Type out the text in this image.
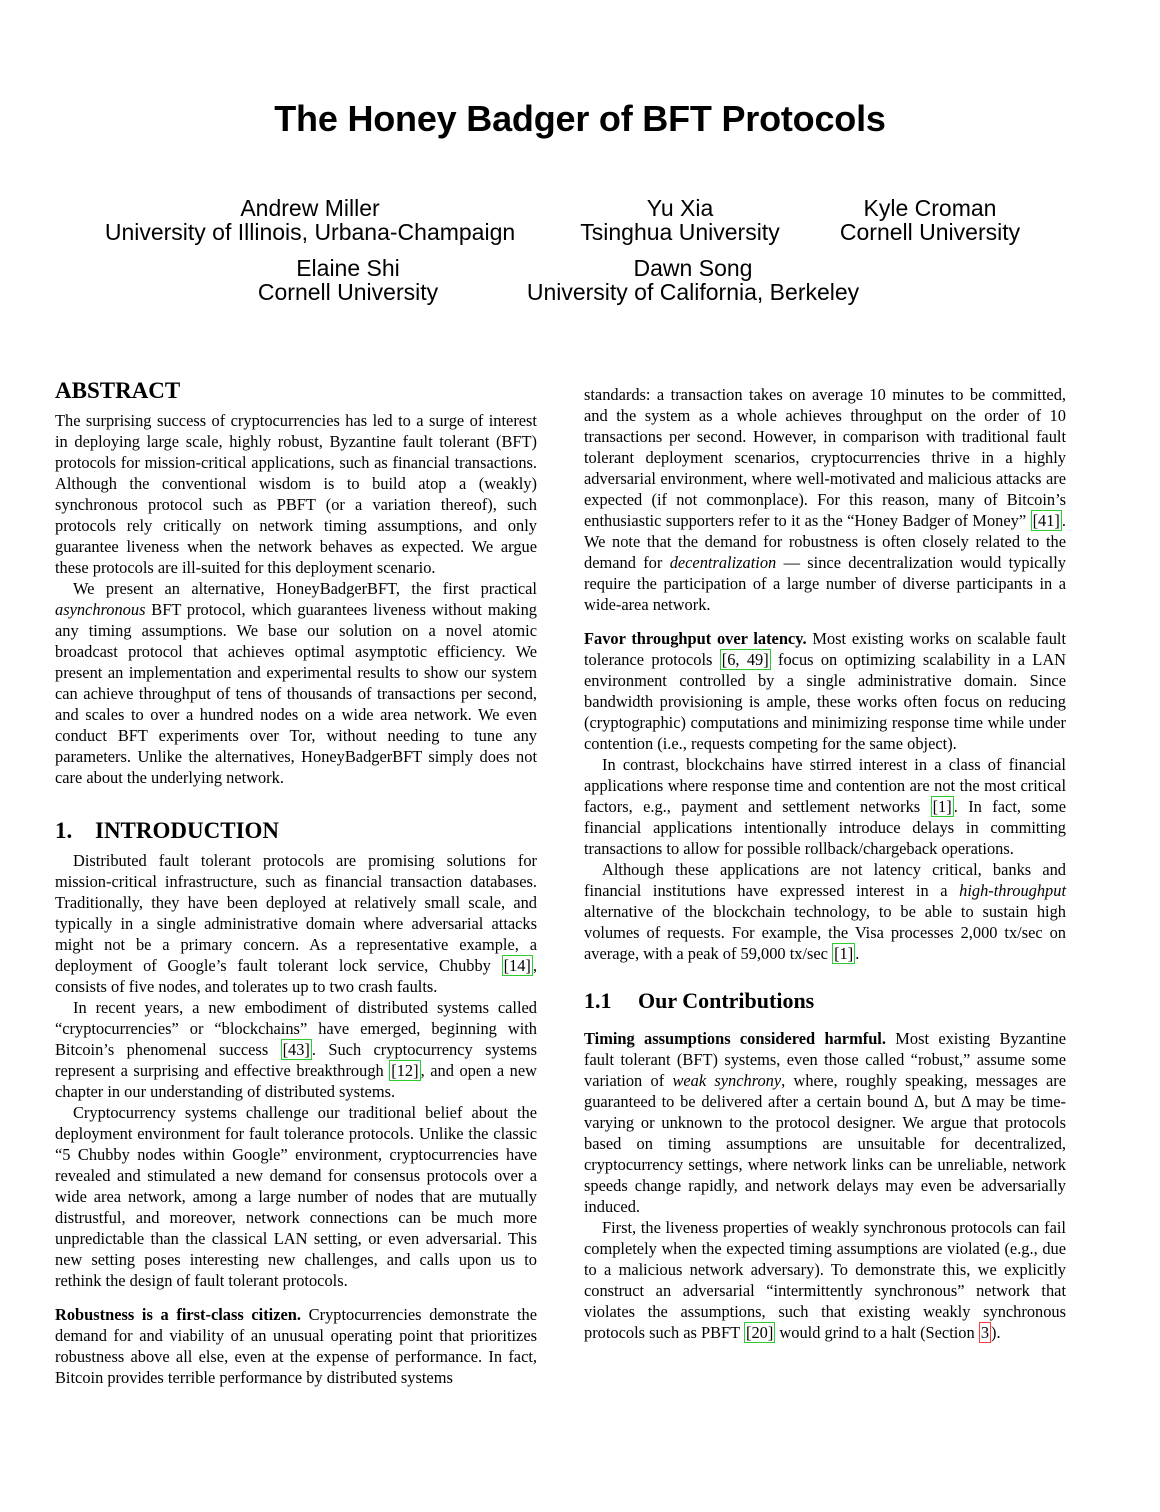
The Honey Badger of BFT Protocols
Andrew Miller
University of Illinois, Urbana-Champaign
Yu Xia
Tsinghua University
Kyle Croman
Cornell University
Elaine Shi
Cornell University
Dawn Song
University of California, Berkeley
ABSTRACT

The surprising success of cryptocurrencies has led to a surge of interest in deploying large scale, highly robust, Byzantine fault tolerant (BFT) protocols for mission-critical applications, such as financial transactions. Although the conventional wisdom is to build atop a (weakly) synchronous protocol such as PBFT (or a variation thereof), such protocols rely critically on network timing assumptions, and only guarantee liveness when the network behaves as expected. We argue these protocols are ill-suited for this deployment scenario.

We present an alternative, HoneyBadgerBFT, the first practical asynchronous BFT protocol, which guarantees liveness without making any timing assumptions. We base our solution on a novel atomic broadcast protocol that achieves optimal asymptotic efficiency. We present an implementation and experimental results to show our system can achieve throughput of tens of thousands of transactions per second, and scales to over a hundred nodes on a wide area network. We even conduct BFT experiments over Tor, without needing to tune any parameters. Unlike the alternatives, HoneyBadgerBFT simply does not care about the underlying network.

1. INTRODUCTION

Distributed fault tolerant protocols are promising solutions for mission-critical infrastructure, such as financial transaction databases. Traditionally, they have been deployed at relatively small scale, and typically in a single administrative domain where adversarial attacks might not be a primary concern. As a representative example, a deployment of Google’s fault tolerant lock service, Chubby [14] , consists of five nodes, and tolerates up to two crash faults.

In recent years, a new embodiment of distributed systems called “cryptocurrencies” or “blockchains” have emerged, beginning with Bitcoin’s phenomenal success [43] . Such cryptocurrency systems represent a surprising and effective breakthrough [12] , and open a new chapter in our understanding of distributed systems.

Cryptocurrency systems challenge our traditional belief about the deployment environment for fault tolerance protocols. Unlike the classic “5 Chubby nodes within Google” environment, cryptocurrencies have revealed and stimulated a new demand for consensus protocols over a wide area network, among a large number of nodes that are mutually distrustful, and moreover, network connections can be much more unpredictable than the classical LAN setting, or even adversarial. This new setting poses interesting new challenges, and calls upon us to rethink the design of fault tolerant protocols.

Robustness is a first-class citizen. Cryptocurrencies demonstrate the demand for and viability of an unusual operating point that prioritizes robustness above all else, even at the expense of performance. In fact, Bitcoin provides terrible performance by distributed systems

standards: a transaction takes on average 10 minutes to be committed, and the system as a whole achieves throughput on the order of 10 transactions per second. However, in comparison with traditional fault tolerant deployment scenarios, cryptocurrencies thrive in a highly adversarial environment, where well-motivated and malicious attacks are expected (if not commonplace). For this reason, many of Bitcoin’s enthusiastic supporters refer to it as the “Honey Badger of Money” [41] . We note that the demand for robustness is often closely related to the demand for decentralization — since decentralization would typically require the participation of a large number of diverse participants in a wide-area network.

Favor throughput over latency. Most existing works on scalable fault tolerance protocols [6, 49] focus on optimizing scalability in a LAN environment controlled by a single administrative domain. Since bandwidth provisioning is ample, these works often focus on reducing (cryptographic) computations and minimizing response time while under contention (i.e., requests competing for the same object).

In contrast, blockchains have stirred interest in a class of financial applications where response time and contention are not the most critical factors, e.g., payment and settlement networks [1] . In fact, some financial applications intentionally introduce delays in committing transactions to allow for possible rollback/chargeback operations.

Although these applications are not latency critical, banks and financial institutions have expressed interest in a high-throughput alternative of the blockchain technology, to be able to sustain high volumes of requests. For example, the Visa processes 2,000 tx/sec on average, with a peak of 59,000 tx/sec [1] .

1.1 Our Contributions

Timing assumptions considered harmful. Most existing Byzantine fault tolerant (BFT) systems, even those called “robust,” assume some variation of weak synchrony, where, roughly speaking, messages are guaranteed to be delivered after a certain bound Δ, but Δ may be time-varying or unknown to the protocol designer. We argue that protocols based on timing assumptions are unsuitable for decentralized, cryptocurrency settings, where network links can be unreliable, network speeds change rapidly, and network delays may even be adversarially induced.

First, the liveness properties of weakly synchronous protocols can fail completely when the expected timing assumptions are violated (e.g., due to a malicious network adversary). To demonstrate this, we explicitly construct an adversarial “intermittently synchronous” network that violates the assumptions, such that existing weakly synchronous protocols such as PBFT [20] would grind to a halt (Section 3 ).
